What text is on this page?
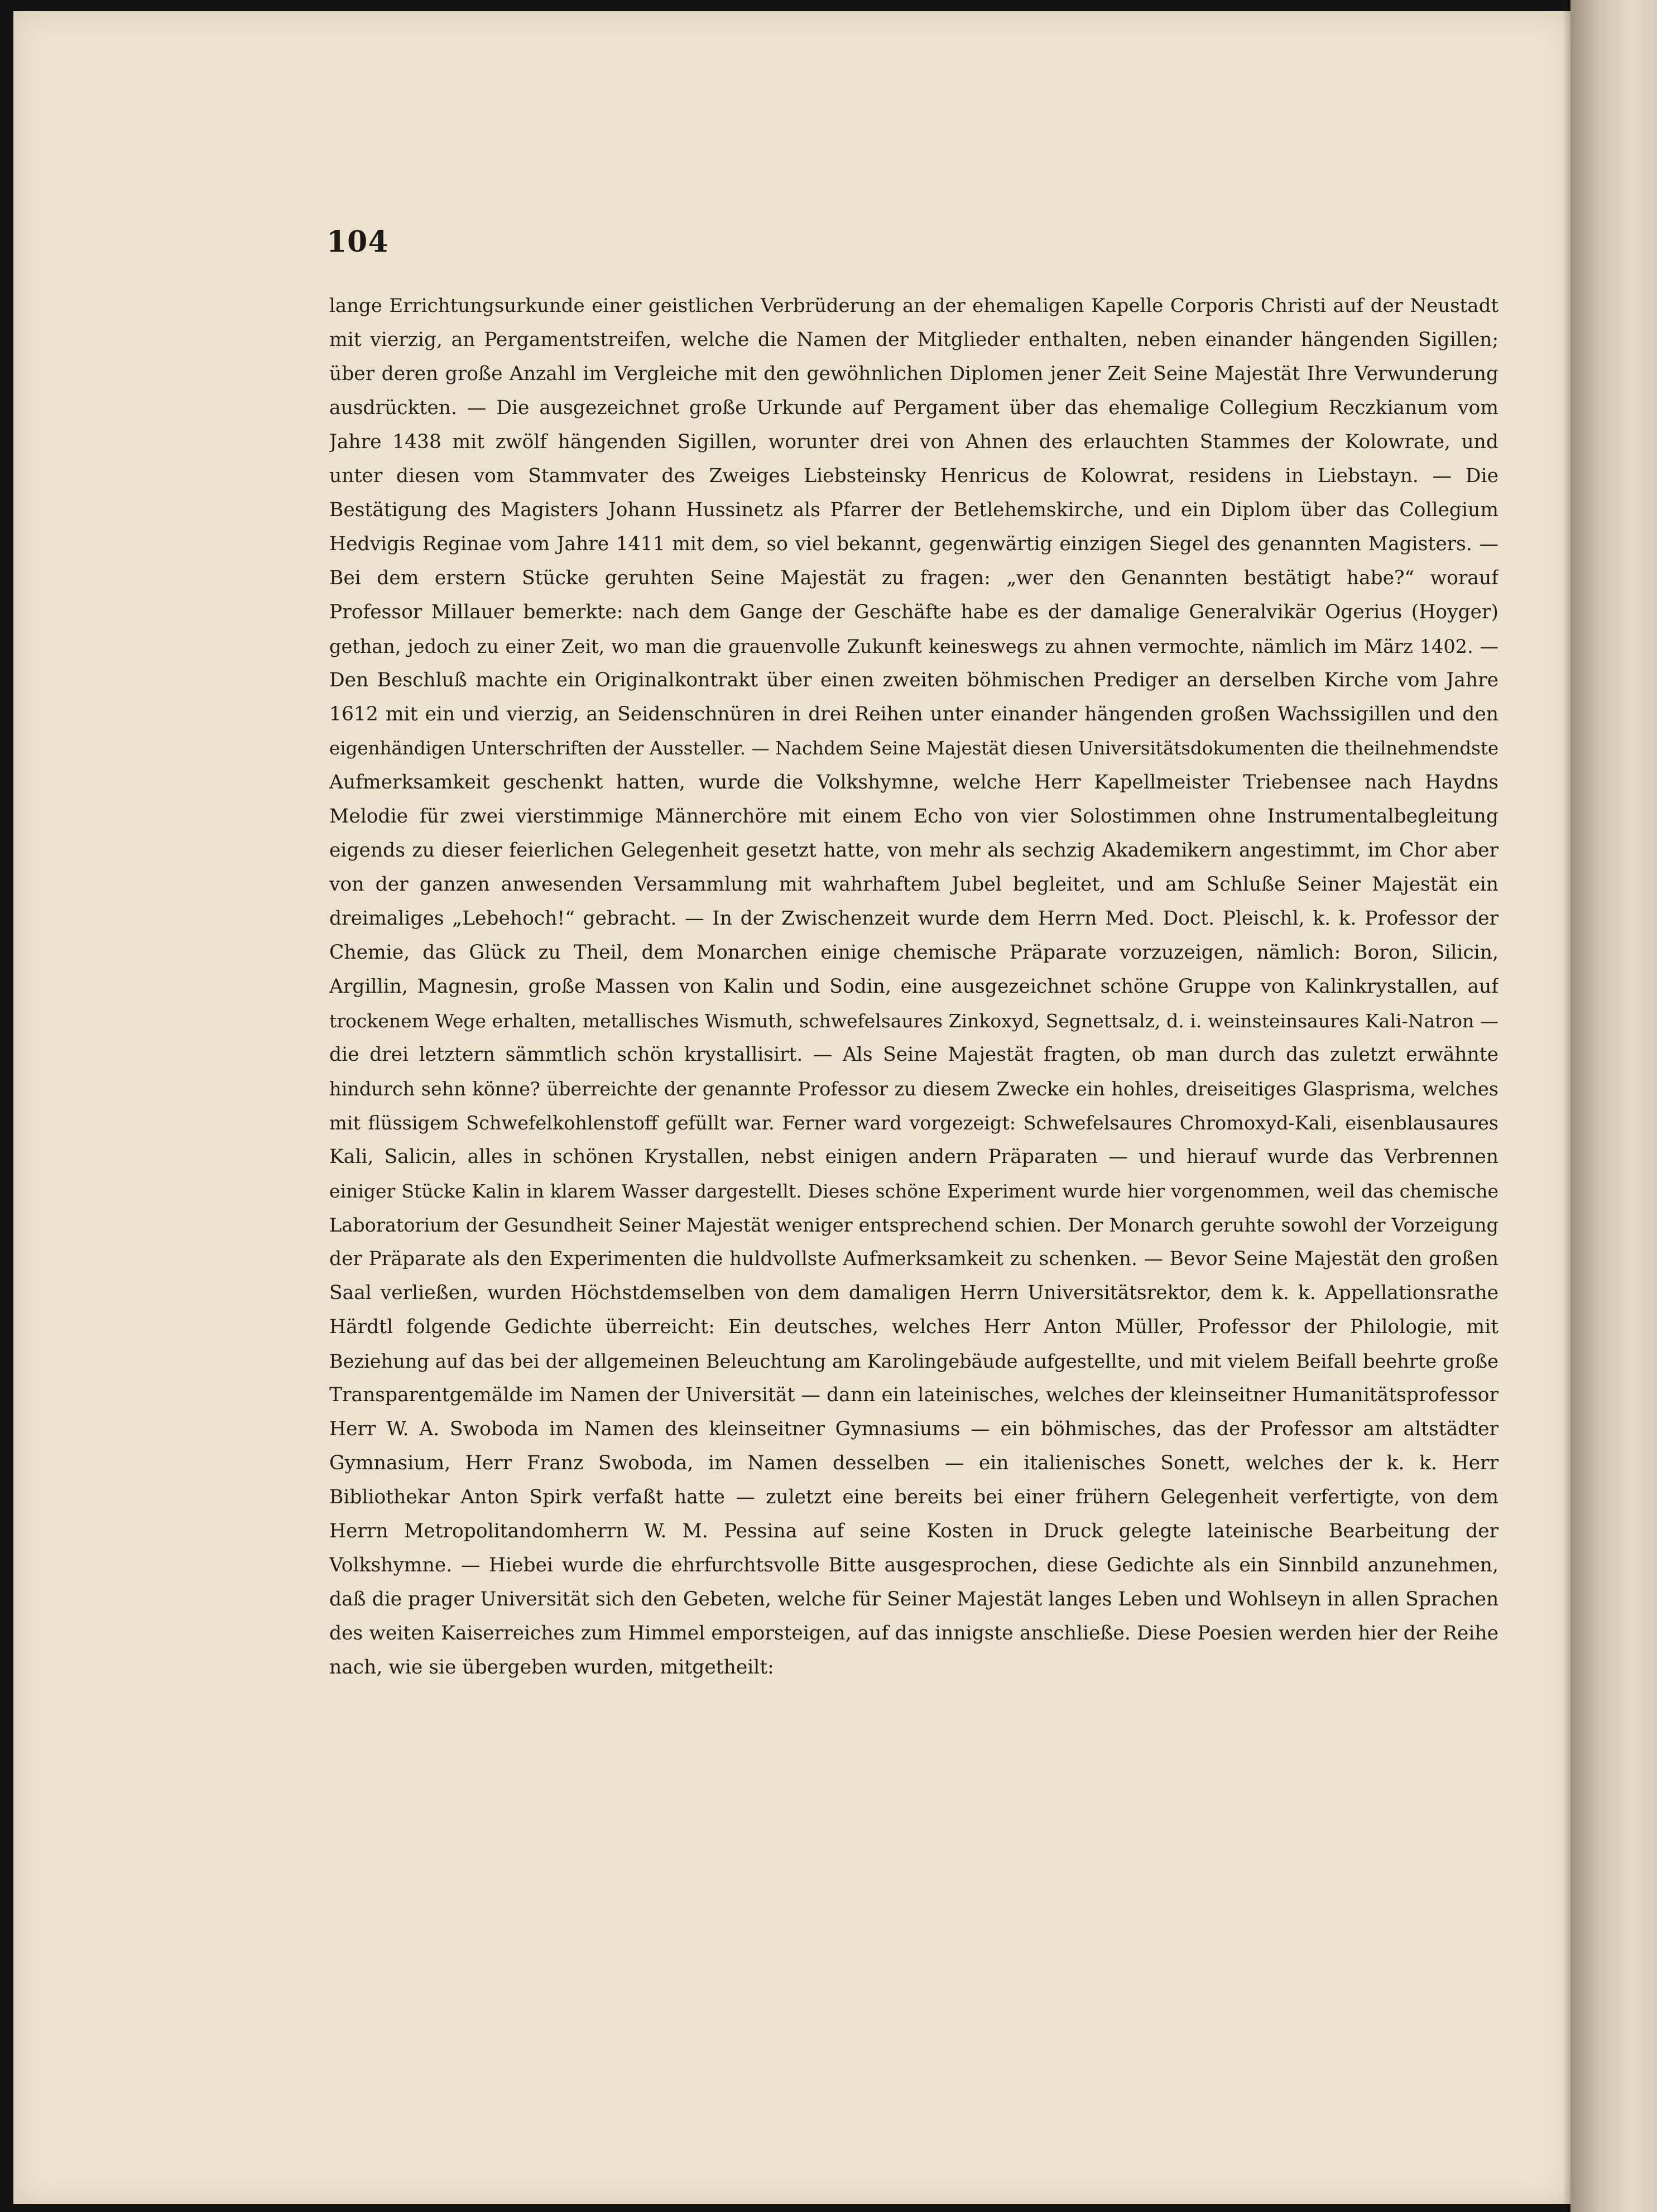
104
lange Errichtungsurkunde einer geistlichen Verbrüderung an der ehemaligen Kapelle Corporis Christi auf der Neustadt
mit vierzig, an Pergamentstreifen, welche die Namen der Mitglieder enthalten, neben einander hängenden Sigillen;
über deren große Anzahl im Vergleiche mit den gewöhnlichen Diplomen jener Zeit Seine Majestät Ihre Verwunderung
ausdrückten. — Die ausgezeichnet große Urkunde auf Pergament über das ehemalige Collegium Reczkianum vom
Jahre 1438 mit zwölf hängenden Sigillen, worunter drei von Ahnen des erlauchten Stammes der Kolowrate, und
unter diesen vom Stammvater des Zweiges Liebsteinsky Henricus de Kolowrat, residens in Liebstayn. — Die
Bestätigung des Magisters Johann Hussinetz als Pfarrer der Betlehemskirche, und ein Diplom über das Collegium
Hedvigis Reginae vom Jahre 1411 mit dem, so viel bekannt, gegenwärtig einzigen Siegel des genannten Magisters. —
Bei dem erstern Stücke geruhten Seine Majestät zu fragen: „wer den Genannten bestätigt habe?“ worauf
Professor Millauer bemerkte: nach dem Gange der Geschäfte habe es der damalige Generalvikär Ogerius (Hoyger)
gethan, jedoch zu einer Zeit, wo man die grauenvolle Zukunft keineswegs zu ahnen vermochte, nämlich im März 1402. —
Den Beschluß machte ein Originalkontrakt über einen zweiten böhmischen Prediger an derselben Kirche vom Jahre
1612 mit ein und vierzig, an Seidenschnüren in drei Reihen unter einander hängenden großen Wachssigillen und den
eigenhändigen Unterschriften der Aussteller. — Nachdem Seine Majestät diesen Universitätsdokumenten die theilnehmendste
Aufmerksamkeit geschenkt hatten, wurde die Volkshymne, welche Herr Kapellmeister Triebensee nach Haydns
Melodie für zwei vierstimmige Männerchöre mit einem Echo von vier Solostimmen ohne Instrumentalbegleitung
eigends zu dieser feierlichen Gelegenheit gesetzt hatte, von mehr als sechzig Akademikern angestimmt, im Chor aber
von der ganzen anwesenden Versammlung mit wahrhaftem Jubel begleitet, und am Schluße Seiner Majestät ein
dreimaliges „Lebehoch!“ gebracht. — In der Zwischenzeit wurde dem Herrn Med. Doct. Pleischl, k. k. Professor der
Chemie, das Glück zu Theil, dem Monarchen einige chemische Präparate vorzuzeigen, nämlich: Boron, Silicin,
Argillin, Magnesin, große Massen von Kalin und Sodin, eine ausgezeichnet schöne Gruppe von Kalinkrystallen, auf
trockenem Wege erhalten, metallisches Wismuth, schwefelsaures Zinkoxyd, Segnettsalz, d. i. weinsteinsaures Kali-Natron —
die drei letztern sämmtlich schön krystallisirt. — Als Seine Majestät fragten, ob man durch das zuletzt erwähnte
hindurch sehn könne? überreichte der genannte Professor zu diesem Zwecke ein hohles, dreiseitiges Glasprisma, welches
mit flüssigem Schwefelkohlenstoff gefüllt war. Ferner ward vorgezeigt: Schwefelsaures Chromoxyd-Kali, eisenblausaures
Kali, Salicin, alles in schönen Krystallen, nebst einigen andern Präparaten — und hierauf wurde das Verbrennen
einiger Stücke Kalin in klarem Wasser dargestellt. Dieses schöne Experiment wurde hier vorgenommen, weil das chemische
Laboratorium der Gesundheit Seiner Majestät weniger entsprechend schien. Der Monarch geruhte sowohl der Vorzeigung
der Präparate als den Experimenten die huldvollste Aufmerksamkeit zu schenken. — Bevor Seine Majestät den großen
Saal verließen, wurden Höchstdemselben von dem damaligen Herrn Universitätsrektor, dem k. k. Appellationsrathe
Härdtl folgende Gedichte überreicht: Ein deutsches, welches Herr Anton Müller, Professor der Philologie, mit
Beziehung auf das bei der allgemeinen Beleuchtung am Karolingebäude aufgestellte, und mit vielem Beifall beehrte große
Transparentgemälde im Namen der Universität — dann ein lateinisches, welches der kleinseitner Humanitätsprofessor
Herr W. A. Swoboda im Namen des kleinseitner Gymnasiums — ein böhmisches, das der Professor am altstädter
Gymnasium, Herr Franz Swoboda, im Namen desselben — ein italienisches Sonett, welches der k. k. Herr
Bibliothekar Anton Spirk verfaßt hatte — zuletzt eine bereits bei einer frühern Gelegenheit verfertigte, von dem
Herrn Metropolitandomherrn W. M. Pessina auf seine Kosten in Druck gelegte lateinische Bearbeitung der
Volkshymne. — Hiebei wurde die ehrfurchtsvolle Bitte ausgesprochen, diese Gedichte als ein Sinnbild anzunehmen,
daß die prager Universität sich den Gebeten, welche für Seiner Majestät langes Leben und Wohlseyn in allen Sprachen
des weiten Kaiserreiches zum Himmel emporsteigen, auf das innigste anschließe. Diese Poesien werden hier der Reihe
nach, wie sie übergeben wurden, mitgetheilt:
